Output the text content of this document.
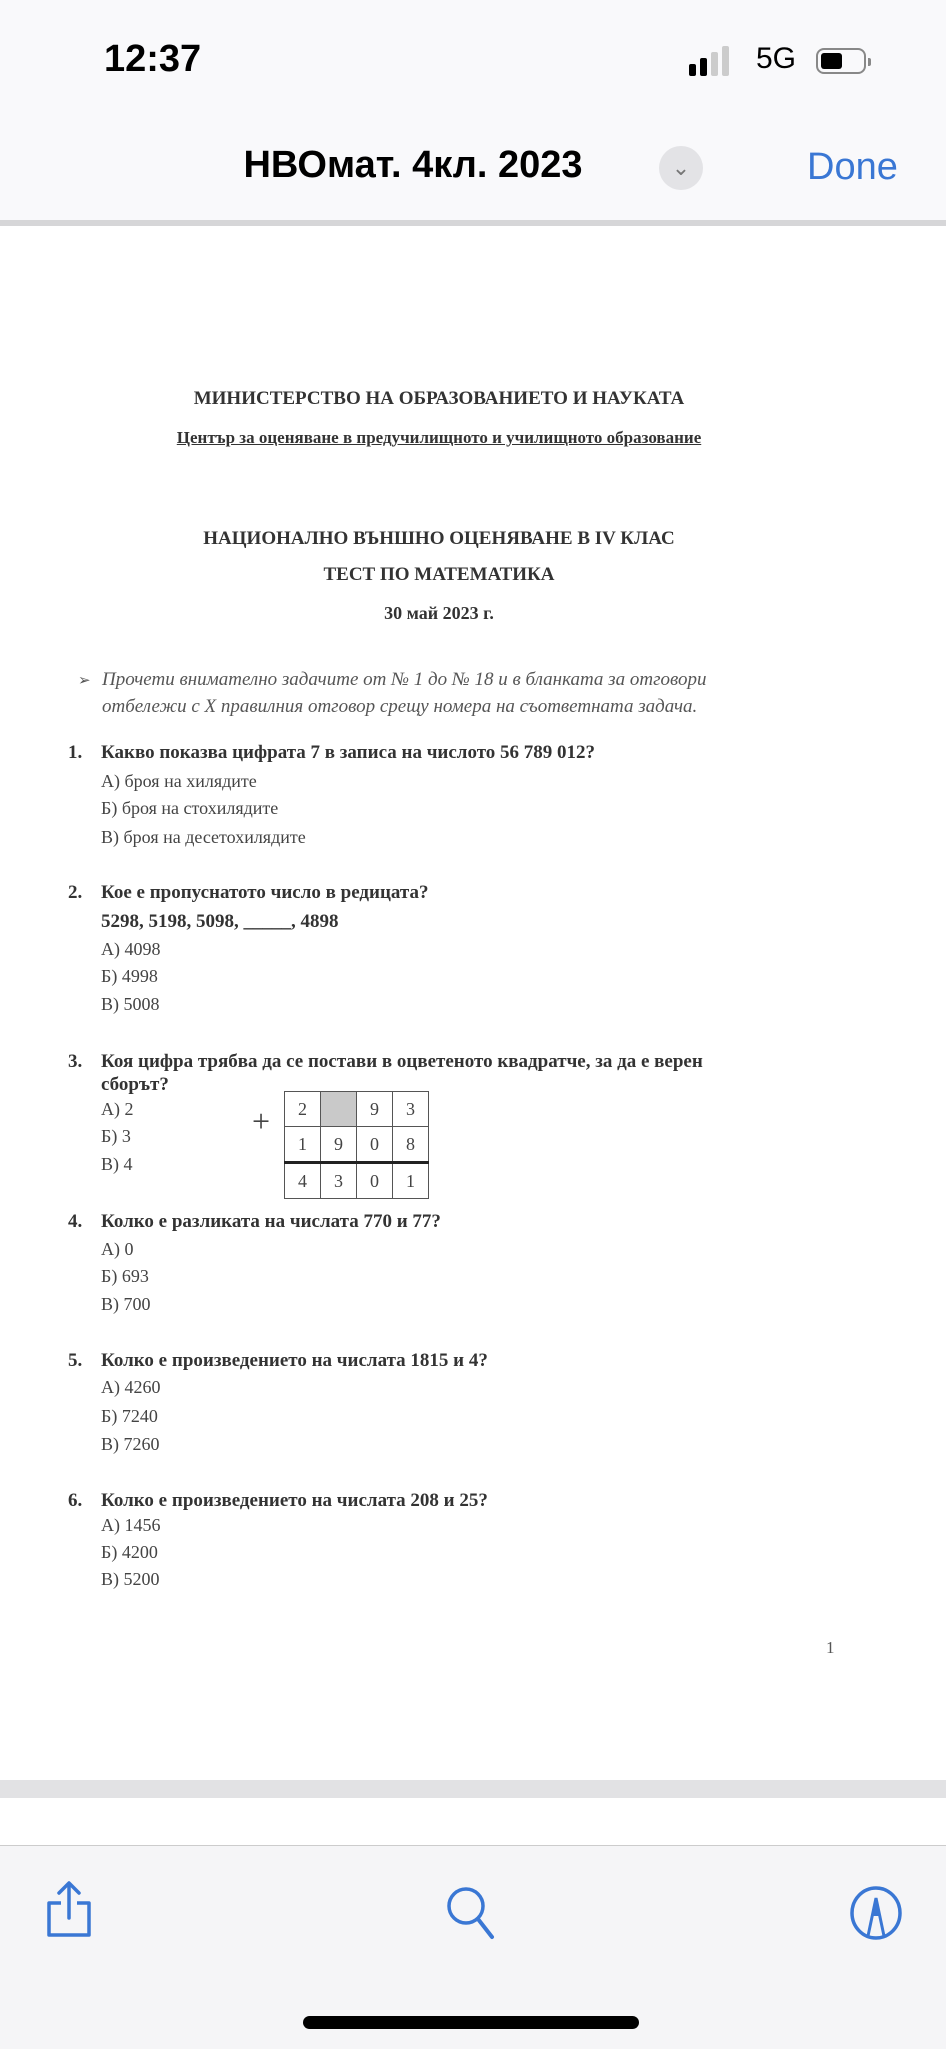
12:37	5G
НВОмат. 4кл. 2023	⌄	Done
МИНИСТЕРСТВО НА ОБРАЗОВАНИЕТО И НАУКАТА
Център за оценяване в предучилищното и училищното образование
НАЦИОНАЛНО ВЪНШНО ОЦЕНЯВАНЕ В IV КЛАС
ТЕСТ ПО МАТЕМАТИКА
30 май 2023 г.
➢ Прочети внимателно задачите от № 1 до № 18 и в бланката за отговори
отбележи с Х правилния отговор срещу номера на съответната задача.
1. Какво показва цифрата 7 в записа на числото 56 789 012?
А) броя на хилядите
Б) броя на стохилядите
В) броя на десетохилядите
2. Кое е пропуснатото число в редицата?
5298, 5198, 5098, _____, 4898
А) 4098
Б) 4998
В) 5008
3. Коя цифра трябва да се постави в оцветеното квадратче, за да е верен
сборът?
А) 2
Б) 3
В) 4
+ 2		9	3
1	9	0	8
4	3	0	1
4. Колко е разликата на числата 770 и 77?
А) 0
Б) 693
В) 700
5. Колко е произведението на числата 1815 и 4?
А) 4260
Б) 7240
В) 7260
6. Колко е произведението на числата 208 и 25?
А) 1456
Б) 4200
В) 5200
1
